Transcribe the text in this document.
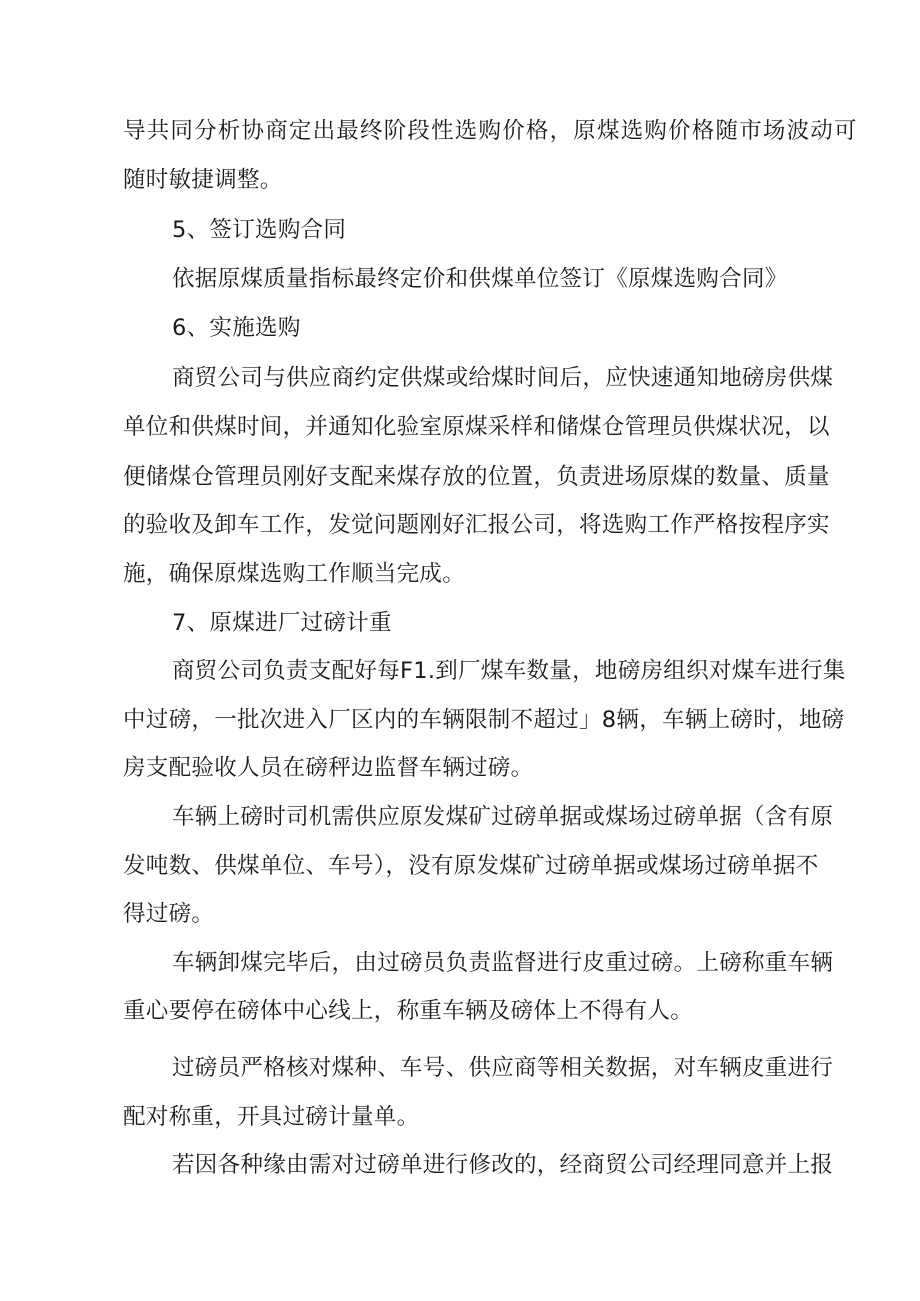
导共同分析协商定出最终阶段性选购价格，原煤选购价格随市场波动可
随时敏捷调整。
5、签订选购合同
依据原煤质量指标最终定价和供煤单位签订《原煤选购合同》
6、实施选购
商贸公司与供应商约定供煤或给煤时间后，应快速通知地磅房供煤
单位和供煤时间，并通知化验室原煤采样和储煤仓管理员供煤状况，以
便储煤仓管理员刚好支配来煤存放的位置，负责进场原煤的数量、质量
的验收及卸车工作，发觉问题刚好汇报公司，将选购工作严格按程序实
施，确保原煤选购工作顺当完成。
7、原煤进厂过磅计重
商贸公司负责支配好每F1.到厂煤车数量，地磅房组织对煤车进行集
中过磅，一批次进入厂区内的车辆限制不超过」8辆，车辆上磅时，地磅
房支配验收人员在磅秤边监督车辆过磅。
车辆上磅时司机需供应原发煤矿过磅单据或煤场过磅单据（含有原
发吨数、供煤单位、车号），没有原发煤矿过磅单据或煤场过磅单据不
得过磅。
车辆卸煤完毕后，由过磅员负责监督进行皮重过磅。上磅称重车辆
重心要停在磅体中心线上，称重车辆及磅体上不得有人。
过磅员严格核对煤种、车号、供应商等相关数据，对车辆皮重进行
配对称重，开具过磅计量单。
若因各种缘由需对过磅单进行修改的，经商贸公司经理同意并上报
